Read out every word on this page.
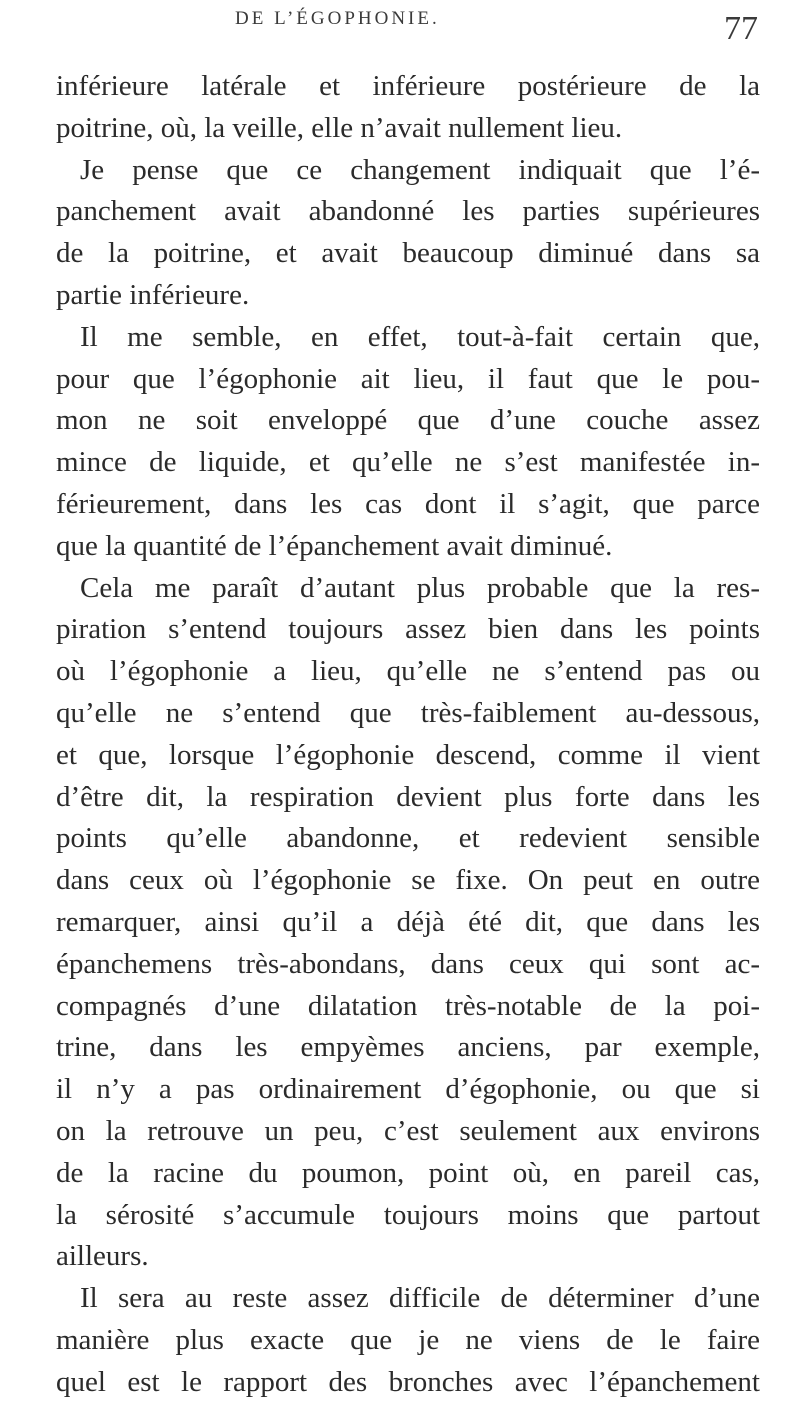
DE L’ÉGOPHONIE.	77
inférieure latérale et inférieure postérieure de la
poitrine, où, la veille, elle n’avait nullement lieu.
Je pense que ce changement indiquait que l’é-
panchement avait abandonné les parties supérieures
de la poitrine, et avait beaucoup diminué dans sa
partie inférieure.
Il me semble, en effet, tout-à-fait certain que,
pour que l’égophonie ait lieu, il faut que le pou-
mon ne soit enveloppé que d’une couche assez
mince de liquide, et qu’elle ne s’est manifestée in-
férieurement, dans les cas dont il s’agit, que parce
que la quantité de l’épanchement avait diminué.
Cela me paraît d’autant plus probable que la res-
piration s’entend toujours assez bien dans les points
où l’égophonie a lieu, qu’elle ne s’entend pas ou
qu’elle ne s’entend que très-faiblement au-dessous,
et que, lorsque l’égophonie descend, comme il vient
d’être dit, la respiration devient plus forte dans les
points qu’elle abandonne, et redevient sensible
dans ceux où l’égophonie se fixe. On peut en outre
remarquer, ainsi qu’il a déjà été dit, que dans les
épanchemens très-abondans, dans ceux qui sont ac-
compagnés d’une dilatation très-notable de la poi-
trine, dans les empyèmes anciens, par exemple,
il n’y a pas ordinairement d’égophonie, ou que si
on la retrouve un peu, c’est seulement aux environs
de la racine du poumon, point où, en pareil cas,
la sérosité s’accumule toujours moins que partout
ailleurs.
Il sera au reste assez difficile de déterminer d’une
manière plus exacte que je ne viens de le faire
quel est le rapport des bronches avec l’épanchement
